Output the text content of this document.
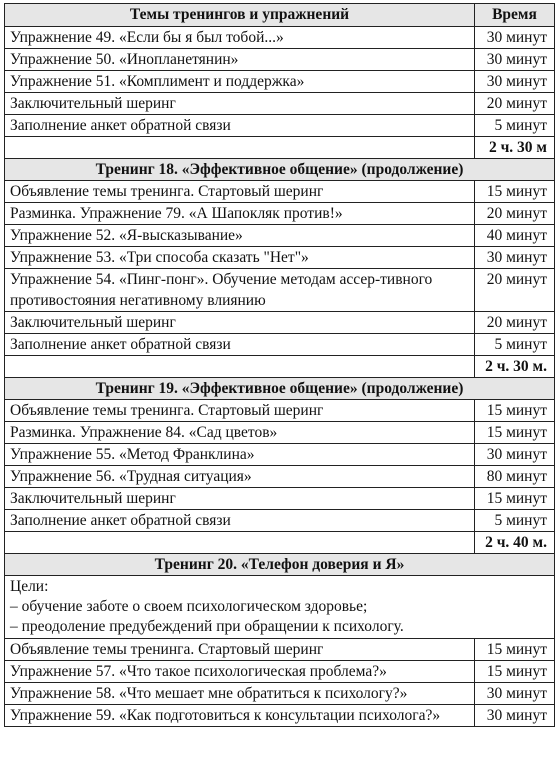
Темы тренингов и упражнений	Время
Упражнение 49. «Если бы я был тобой...»	30 минут
Упражнение 50. «Инопланетянин»	30 минут
Упражнение 51. «Комплимент и поддержка»	30 минут
Заключительный шеринг	20 минут
Заполнение анкет обратной связи	5 минут
	2 ч. 30 м
Тренинг 18. «Эффективное общение» (продолжение)	
Объявление темы тренинга. Стартовый шеринг	15 минут
Разминка. Упражнение 79. «А Шапокляк против!»	20 минут
Упражнение 52. «Я-высказывание»	40 минут
Упражнение 53. «Три способа сказать "Нет"»	30 минут
Упражнение 54. «Пинг-понг». Обучение методам ассер-тивного противостояния негативному влиянию	20 минут
Заключительный шеринг	20 минут
Заполнение анкет обратной связи	5 минут
	2 ч. 30 м.
Тренинг 19. «Эффективное общение» (продолжение)	
Объявление темы тренинга. Стартовый шеринг	15 минут
Разминка. Упражнение 84. «Сад цветов»	15 минут
Упражнение 55. «Метод Франклина»	30 минут
Упражнение 56. «Трудная ситуация»	80 минут
Заключительный шеринг	15 минут
Заполнение анкет обратной связи	5 минут
	2 ч. 40 м.
Тренинг 20. «Телефон доверия и Я»	

Цели:
– обучение заботе о своем психологическом здоровье;
– преодоление предубеждений при обращении к психологу.	

Объявление темы тренинга. Стартовый шеринг	15 минут
Упражнение 57. «Что такое психологическая проблема?»	15 минут
Упражнение 58. «Что мешает мне обратиться к психологу?»	30 минут
Упражнение 59. «Как подготовиться к консультации психолога?»	30 минут
